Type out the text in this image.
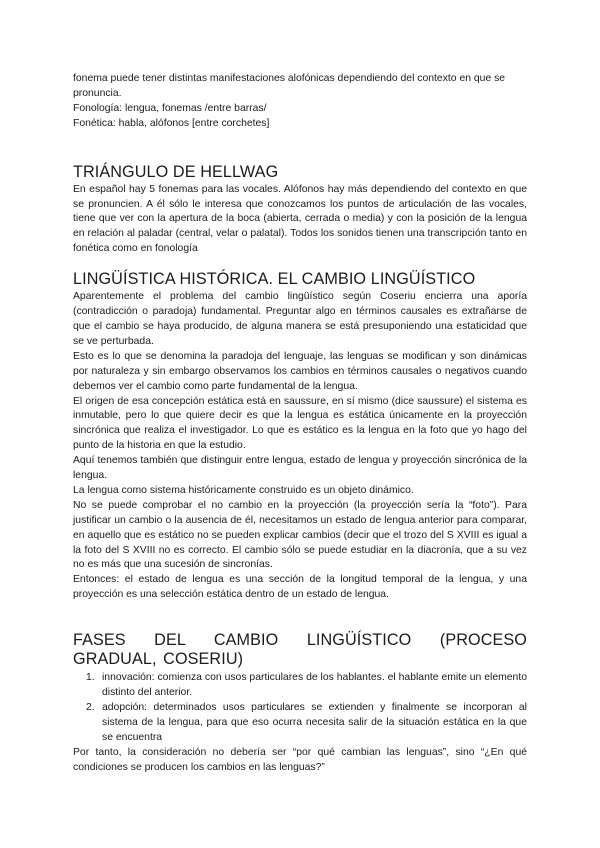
fonema puede tener distintas manifestaciones alofónicas dependiendo del contexto en que se pronuncia.

Fonología: lengua, fonemas /entre barras/

Fonética: habla, alófonos [entre corchetes]

TRIÁNGULO DE HELLWAG

En español hay 5 fonemas para las vocales. Alófonos hay más dependiendo del contexto en que se pronuncien. A él sólo le interesa que conozcamos los puntos de articulación de las vocales, tiene que ver con la apertura de la boca (abierta, cerrada o media) y con la posición de la lengua en relación al paladar (central, velar o palatal). Todos los sonidos tienen una transcripción tanto en fonética como en fonología

LINGÜÍSTICA HISTÓRICA. EL CAMBIO LINGÜÍSTICO

Aparentemente el problema del cambio lingüístico según Coseriu encierra una aporía (contradicción o paradoja) fundamental. Preguntar algo en términos causales es extrañarse de que el cambio se haya producido, de alguna manera se está presuponiendo una estaticidad que se ve perturbada.

Esto es lo que se denomina la paradoja del lenguaje, las lenguas se modifican y son dinámicas por naturaleza y sin embargo observamos los cambios en términos causales o negativos cuando debemos ver el cambio como parte fundamental de la lengua.

El origen de esa concepción estática está en saussure, en sí mismo (dice saussure) el sistema es inmutable, pero lo que quiere decir es que la lengua es estática únicamente en la proyección sincrónica que realiza el investigador. Lo que es estático es la lengua en la foto que yo hago del punto de la historia en que la estudio.

Aquí tenemos también que distinguir entre lengua, estado de lengua y proyección sincrónica de la lengua.

La lengua como sistema históricamente construido es un objeto dinámico.

No se puede comprobar el no cambio en la proyección (la proyección sería la “foto”). Para justificar un cambio o la ausencia de él, necesitamos un estado de lengua anterior para comparar, en aquello que es estático no se pueden explicar cambios (decir que el trozo del S XVIII es igual a la foto del S XVIII no es correcto. El cambio sólo se puede estudiar en la diacronía, que a su vez no es más que una sucesión de sincronías.

Entonces: el estado de lengua es una sección de la longitud temporal de la lengua, y una proyección es una selección estática dentro de un estado de lengua.

FASES DEL CAMBIO LINGÜÍSTICO (PROCESO GRADUAL, COSERIU)
1. innovación: comienza con usos particulares de los hablantes. el hablante emite un elemento distinto del anterior.

2. adopción: determinados usos particulares se extienden y finalmente se incorporan al sistema de la lengua, para que eso ocurra necesita salir de la situación estática en la que se encuentra

Por tanto, la consideración no debería ser “por qué cambian las lenguas”, sino “¿En qué condiciones se producen los cambios en las lenguas?”
